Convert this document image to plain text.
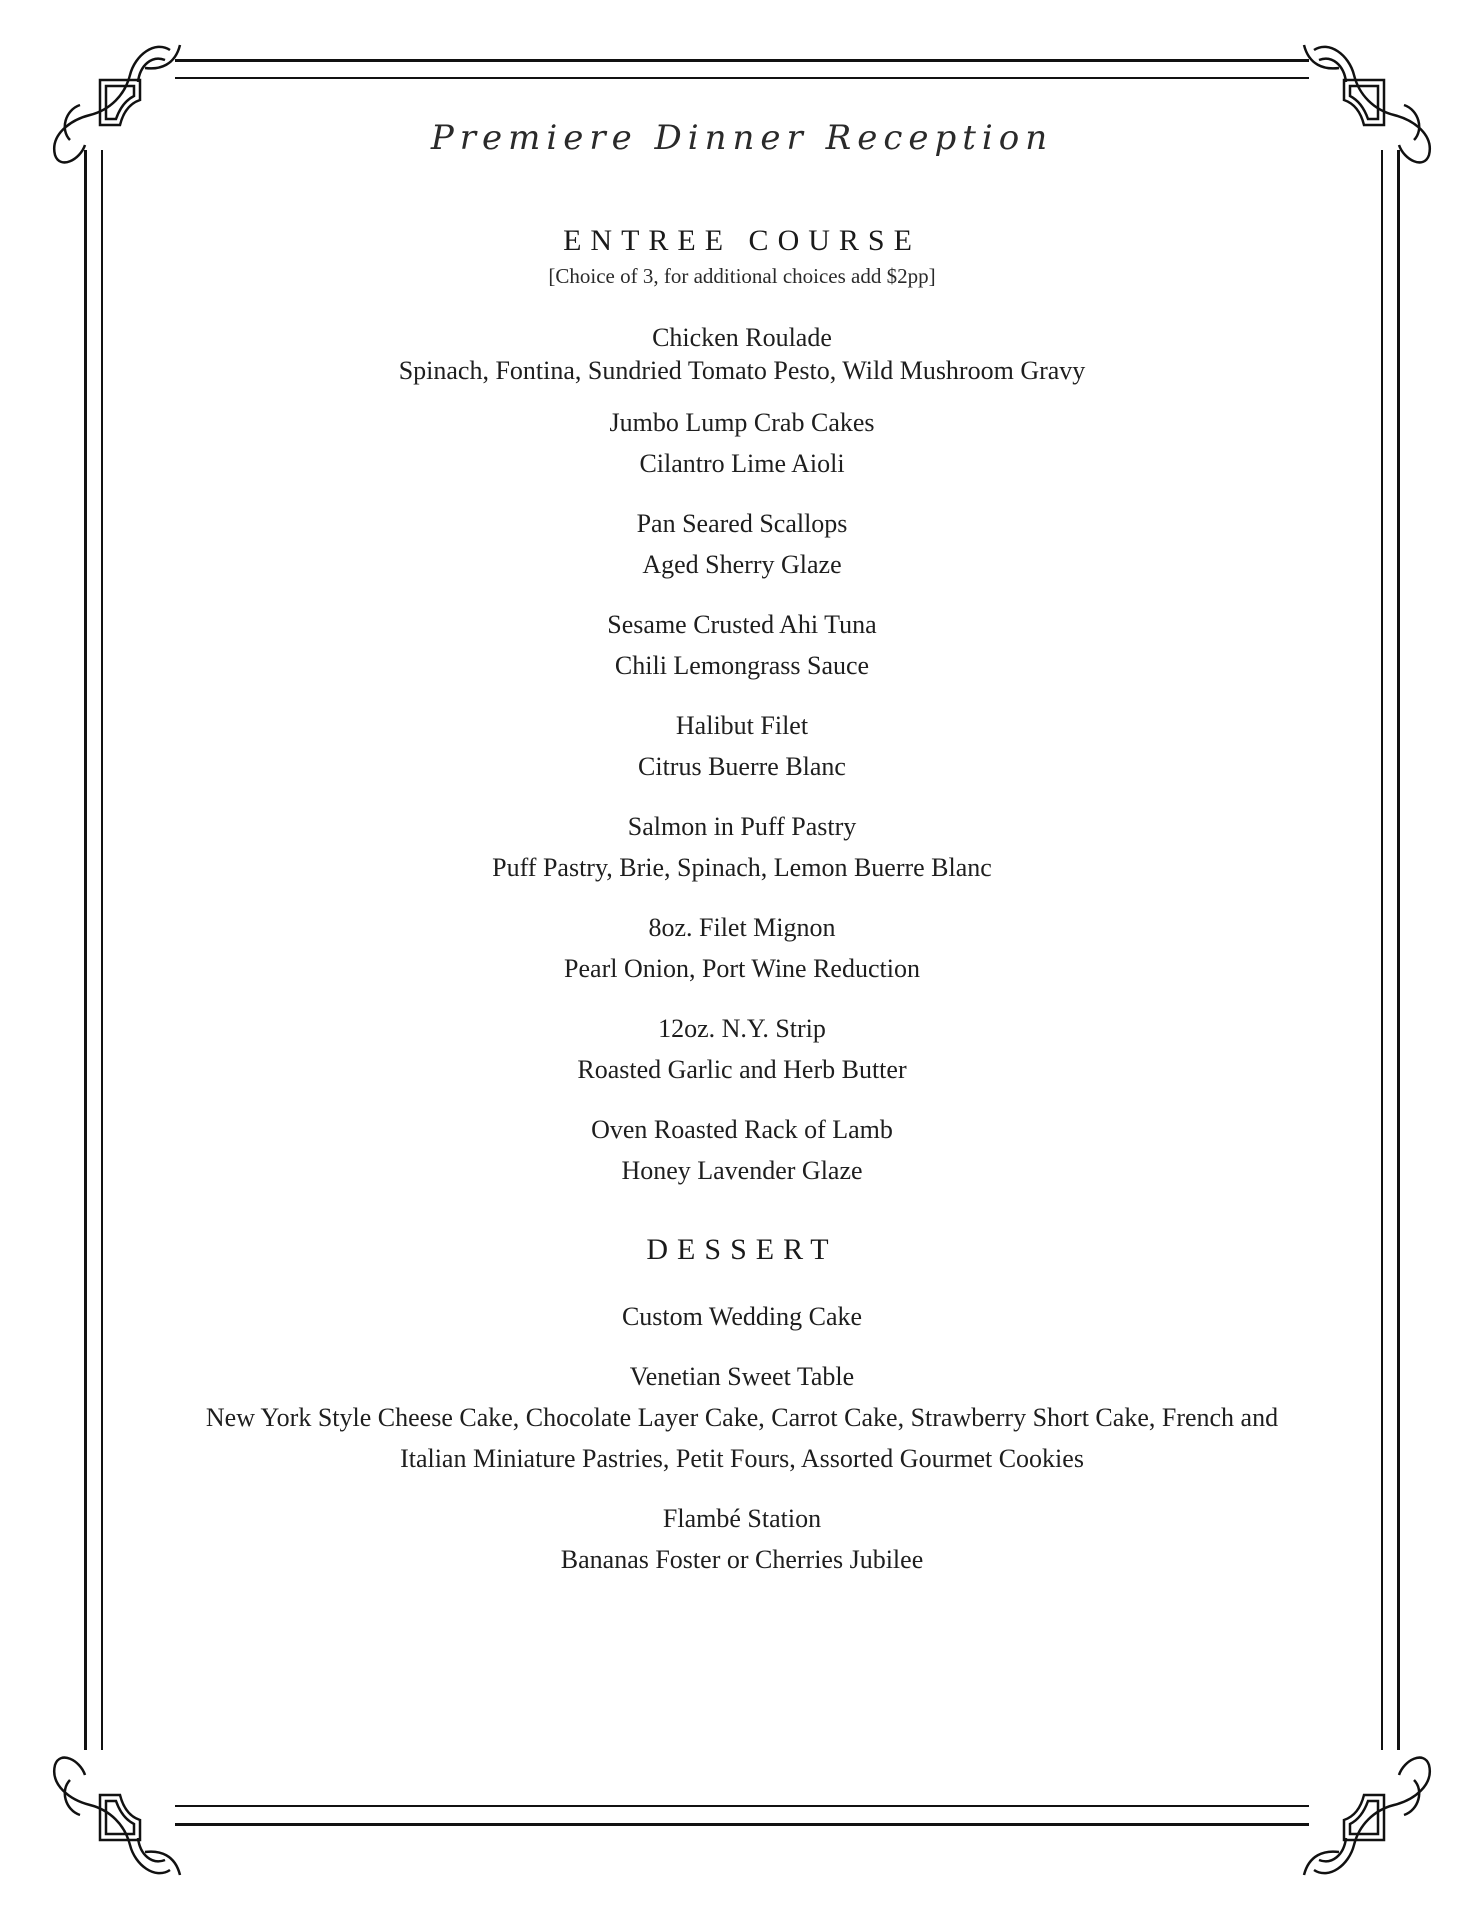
Premiere Dinner Reception
ENTREE COURSE
[Choice of 3, for additional choices add $2pp]
Chicken Roulade
Spinach, Fontina, Sundried Tomato Pesto, Wild Mushroom Gravy
Jumbo Lump Crab Cakes
Cilantro Lime Aioli
Pan Seared Scallops
Aged Sherry Glaze
Sesame Crusted Ahi Tuna
Chili Lemongrass Sauce
Halibut Filet
Citrus Buerre Blanc
Salmon in Puff Pastry
Puff Pastry, Brie, Spinach, Lemon Buerre Blanc
8oz. Filet Mignon
Pearl Onion, Port Wine Reduction
12oz. N.Y. Strip
Roasted Garlic and Herb Butter
Oven Roasted Rack of Lamb
Honey Lavender Glaze
DESSERT
Custom Wedding Cake
Venetian Sweet Table
New York Style Cheese Cake, Chocolate Layer Cake, Carrot Cake, Strawberry Short Cake, French and
Italian Miniature Pastries, Petit Fours, Assorted Gourmet Cookies
Flambé Station
Bananas Foster or Cherries Jubilee
